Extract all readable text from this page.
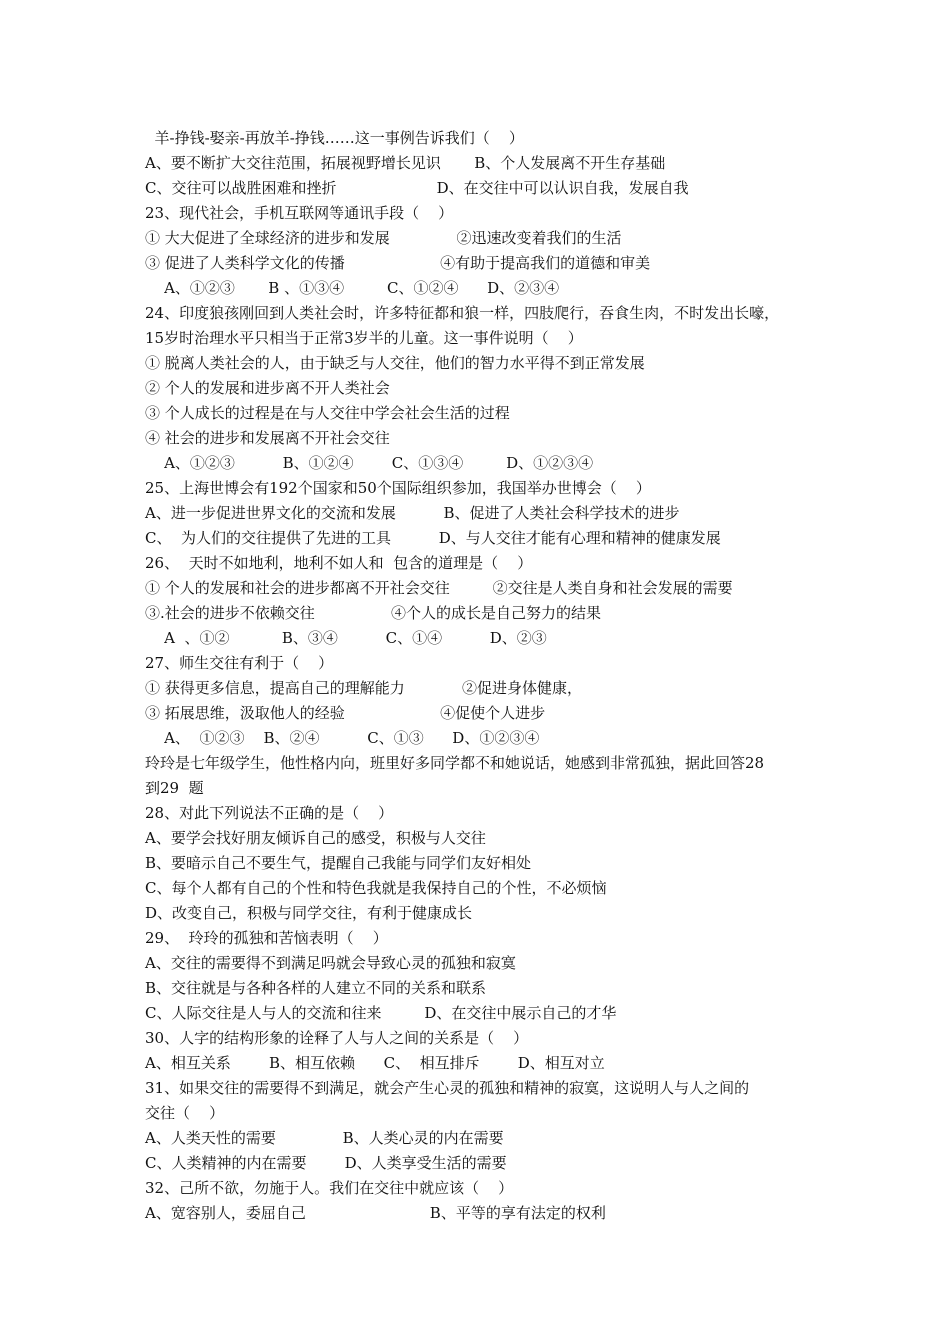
羊-挣钱-娶亲-再放羊-挣钱……这一事例告诉我们（    ）
A、要不断扩大交往范围，拓展视野增长见识       B、个人发展离不开生存基础
C、交往可以战胜困难和挫折                     D、在交往中可以认识自我，发展自我
23、现代社会，手机互联网等通讯手段（    ）
① 大大促进了全球经济的进步和发展              ②迅速改变着我们的生活
③ 促进了人类科学文化的传播                    ④有助于提高我们的道德和审美
A、①②③       B 、①③④         C、①②④      D、②③④
24、印度狼孩刚回到人类社会时，许多特征都和狼一样，四肢爬行，吞食生肉，不时发出长嚎，
15岁时治理水平只相当于正常3岁半的儿童。这一事件说明（    ）
① 脱离人类社会的人，由于缺乏与人交往，他们的智力水平得不到正常发展
② 个人的发展和进步离不开人类社会
③ 个人成长的过程是在与人交往中学会社会生活的过程
④ 社会的进步和发展离不开社会交往
A、①②③          B、①②④        C、①③④         D、①②③④
25、上海世博会有192个国家和50个国际组织参加，我国举办世博会（    ）
A、进一步促进世界文化的交流和发展          B、促进了人类社会科学技术的进步
C、  为人们的交往提供了先进的工具          D、与人交往才能有心理和精神的健康发展
26、  天时不如地利，地利不如人和  包含的道理是（    ）
① 个人的发展和社会的进步都离不开社会交往         ②交往是人类自身和社会发展的需要
③.社会的进步不依赖交往                ④个人的成长是自己努力的结果
A  、①②           B、③④          C、①④          D、②③
27、师生交往有利于（    ）
① 获得更多信息，提高自己的理解能力            ②促进身体健康，
③ 拓展思维，汲取他人的经验                    ④促使个人进步
A、  ①②③    B、②④          C、①③      D、①②③④
玲玲是七年级学生，他性格内向，班里好多同学都不和她说话，她感到非常孤独，据此回答28
到29  题
28、对此下列说法不正确的是（    ）
A、要学会找好朋友倾诉自己的感受，积极与人交往
B、要暗示自己不要生气，提醒自己我能与同学们友好相处
C、每个人都有自己的个性和特色我就是我保持自己的个性，不必烦恼
D、改变自己，积极与同学交往，有利于健康成长
29、  玲玲的孤独和苦恼表明（    ）
A、交往的需要得不到满足吗就会导致心灵的孤独和寂寞
B、交往就是与各种各样的人建立不同的关系和联系
C、人际交往是人与人的交流和往来         D、在交往中展示自己的才华
30、人字的结构形象的诠释了人与人之间的关系是（    ）
A、相互关系        B、相互依赖      C、  相互排斥        D、相互对立
31、如果交往的需要得不到满足，就会产生心灵的孤独和精神的寂寞，这说明人与人之间的
交往（    ）
A、人类天性的需要              B、人类心灵的内在需要
C、人类精神的内在需要        D、人类享受生活的需要
32、己所不欲，勿施于人。我们在交往中就应该（    ）
A、宽容别人，委屈自己                          B、平等的享有法定的权利
